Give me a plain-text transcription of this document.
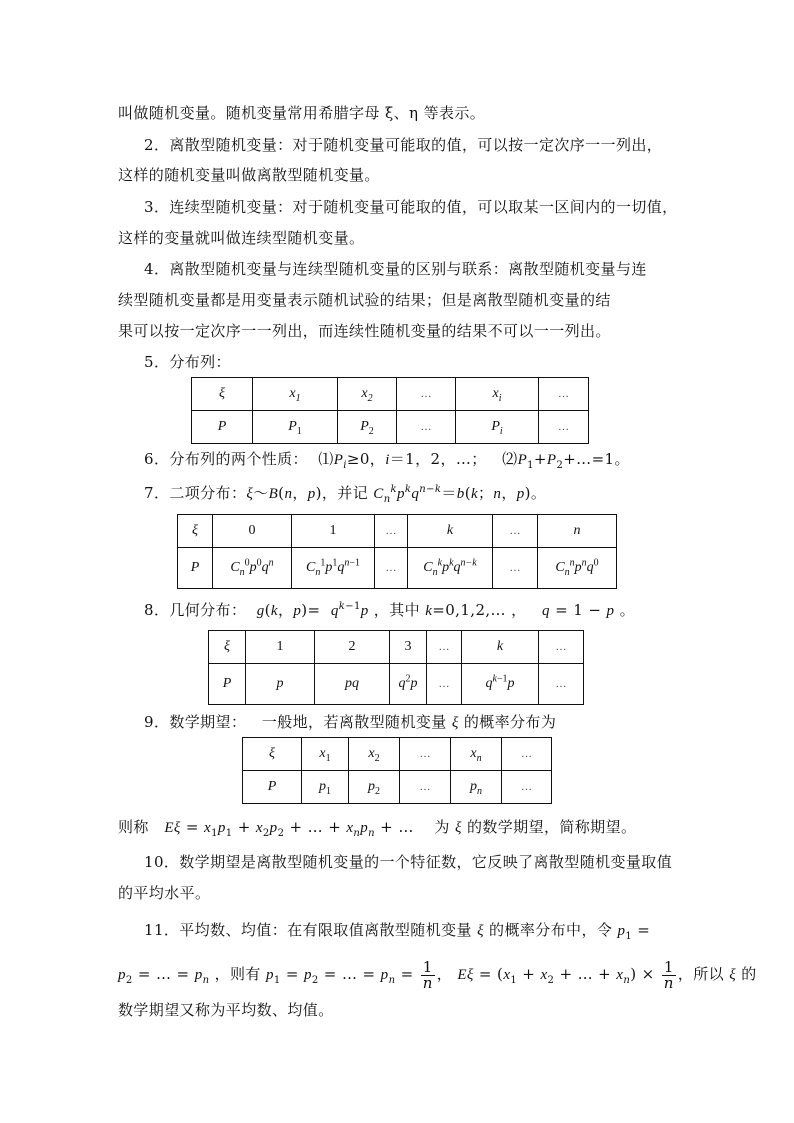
叫做随机变量。随机变量常用希腊字母 ξ、η 等表示。
2．离散型随机变量：对于随机变量可能取的值，可以按一定次序一一列出，
这样的随机变量叫做离散型随机变量。
3．连续型随机变量：对于随机变量可能取的值，可以取某一区间内的一切值，
这样的变量就叫做连续型随机变量。
4．离散型随机变量与连续型随机变量的区别与联系：离散型随机变量与连
续型随机变量都是用变量表示随机试验的结果；但是离散型随机变量的结
果可以按一定次序一一列出，而连续性随机变量的结果不可以一一列出。
5．分布列：
ξ	$x_1$	$x_2$	…	$x_i$	…
P	$P_1$	$P_2$	…	$P_i$	…
6．分布列的两个性质：  $⑴P_i\ge 0$，i＝1，2，…；   $⑵P_1+P_2+\dots=1$。
7．二项分布：ξ～B(n，p)，并记 $C_n^kp^kq^{n-k}=b(k$；n，p)。
ξ	0	1	…	k	…	n
P	$C_n^0p^0q^n$	$C_n^1p^1q^{n-1}$	…	$C_n^kp^kq^{n-k}$	…	$C_n^np^nq^0$
8．几何分布： g(k，$p)= q^{k-1}p$ ，其中 k=0,1,2,… ，   q = 1 − p 。
ξ	1	2	3	…	k	…
P	p	pq	$q^2p$	…	$q^{k-1}p$	…
9．数学期望：   一般地，若离散型随机变量 ξ 的概率分布为
ξ	$x_1$	$x_2$	…	$x_n$	…
P	$p_1$	$p_2$	…	$p_n$	…
则称 $E\xi = x_1p_1 + x_2p_2$ + … + $x_np_n$ + …    为 ξ 的数学期望，简称期望。
10．数学期望是离散型随机变量的一个特征数，它反映了离散型随机变量取值
的平均水平。
11．平均数、均值：在有限取值离散型随机变量 ξ 的概率分布中，令 $p_1$ =
$p_2$ = … = $p_n$ ，则有 $p_1 = p_2$ = … = $p_n = \frac{1}{n}$ ， $E\xi = (x_1 + x_2$ + … + $x_n) \times \frac{1}{n}$ ，所以 ξ 的
数学期望又称为平均数、均值。
